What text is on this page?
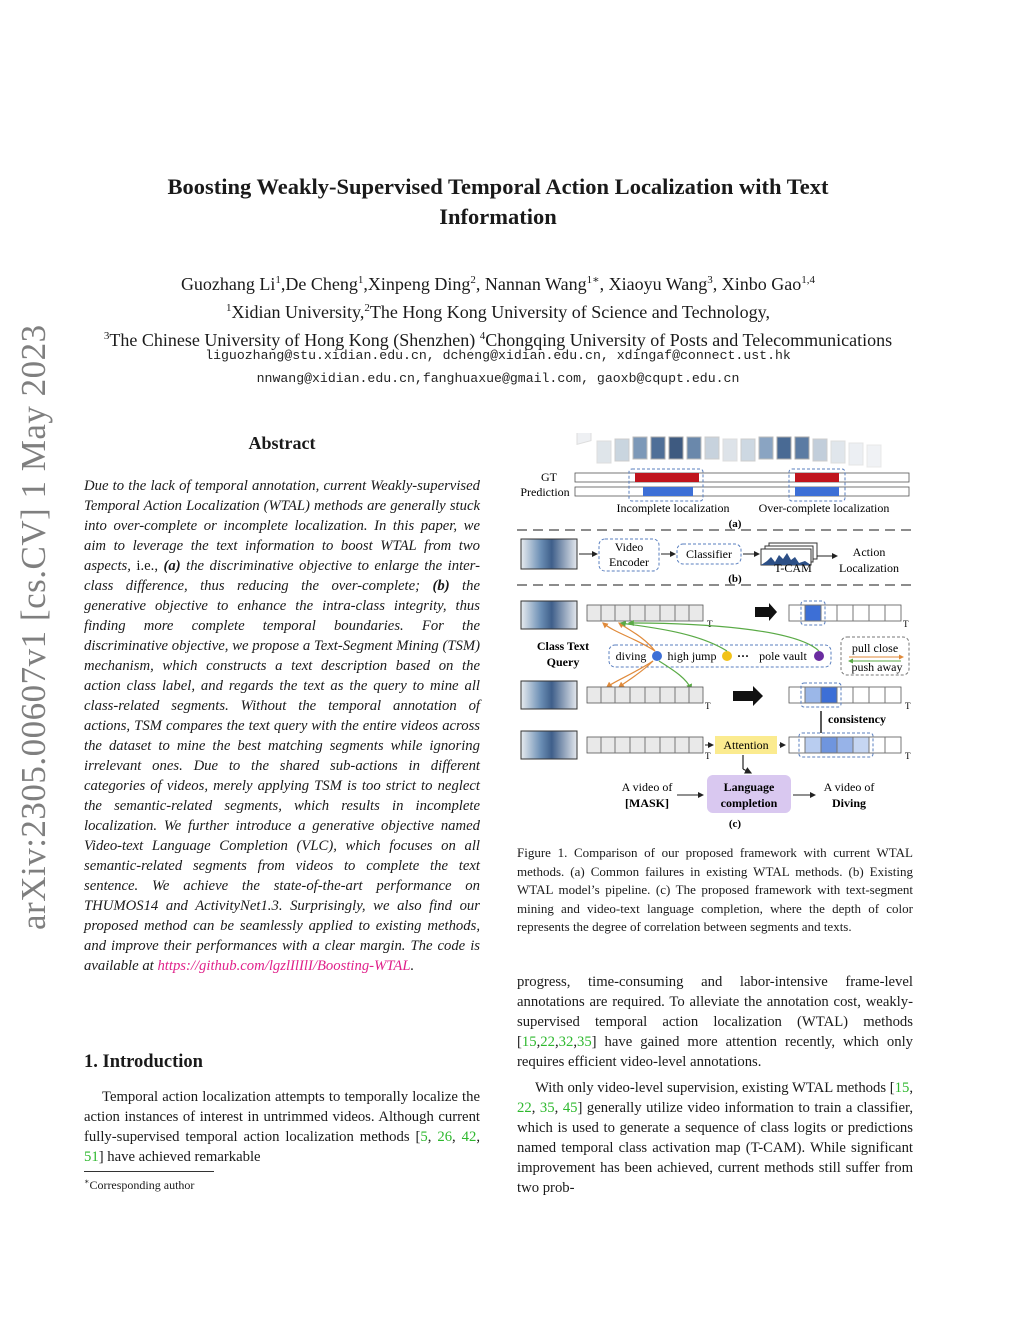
arXiv:2305.00607v1 [cs.CV] 1 May 2023
Boosting Weakly-Supervised Temporal Action Localization with Text
Information
Guozhang Li$^1$,De Cheng$^1$,Xinpeng Ding$^2$, Nannan Wang$^{1∗}$, Xiaoyu Wang$^3$, Xinbo Gao$^{1,4}$
$^1$Xidian University,$^2$The Hong Kong University of Science and Technology,
$^3$The Chinese University of Hong Kong (Shenzhen) $^4$Chongqing University of Posts and Telecommunications
liguozhang@stu.xidian.edu.cn, dcheng@xidian.edu.cn, xdingaf@connect.ust.hk
nnwang@xidian.edu.cn,fanghuaxue@gmail.com, gaoxb@cqupt.edu.cn
Abstract
Due to the lack of temporal annotation, current Weakly-supervised Temporal Action Localization (WTAL) methods are generally stuck into over-complete or incomplete localization. In this paper, we aim to leverage the text information to boost WTAL from two aspects, i.e., (a) the discriminative objective to enlarge the inter-class difference, thus reducing the over-complete; (b) the generative objective to enhance the intra-class integrity, thus finding more complete temporal boundaries. For the discriminative objective, we propose a Text-Segment Mining (TSM) mechanism, which constructs a text description based on the action class label, and regards the text as the query to mine all class-related segments. Without the temporal annotation of actions, TSM compares the text query with the entire videos across the dataset to mine the best matching segments while ignoring irrelevant ones. Due to the shared sub-actions in different categories of videos, merely applying TSM is too strict to neglect the semantic-related segments, which results in incomplete localization. We further introduce a generative objective named Video-text Language Completion (VLC), which focuses on all semantic-related segments from videos to complete the text sentence. We achieve the state-of-the-art performance on THUMOS14 and ActivityNet1.3. Surprisingly, we also find our proposed method can be seamlessly applied to existing methods, and improve their performances with a clear margin. The code is available at https://github.com/lgzlIlIlI/Boosting-WTAL.
1. Introduction
Temporal action localization attempts to temporally localize the action instances of interest in untrimmed videos. Although current fully-supervised temporal action localization methods [5, 26, 42, 51] have achieved remarkable
∗Corresponding author
GT
Prediction
Incomplete localization Over-complete localization
(a)
Video
Encoder
Classifier
T-CAM
Action
Localization
(b)
T	T
Class Text
Query	diving high jump ··· pole vault
pull close
push away
T	T
consistency
T
Attention
T
A video of
[MASK]
Language
completion
A video of
Diving
(c)
Figure 1. Comparison of our proposed framework with current WTAL methods. (a) Common failures in existing WTAL methods. (b) Existing WTAL model’s pipeline. (c) The proposed framework with text-segment mining and video-text language completion, where the depth of color represents the degree of correlation between segments and texts.

progress, time-consuming and labor-intensive frame-level annotations are required. To alleviate the annotation cost, weakly-supervised temporal action localization (WTAL) methods [15,22,32,35] have gained more attention recently, which only requires efficient video-level annotations.

With only video-level supervision, existing WTAL methods [15, 22, 35, 45] generally utilize video information to train a classifier, which is used to generate a sequence of class logits or predictions named temporal class activation map (T-CAM). While significant improvement has been achieved, current methods still suffer from two prob-
